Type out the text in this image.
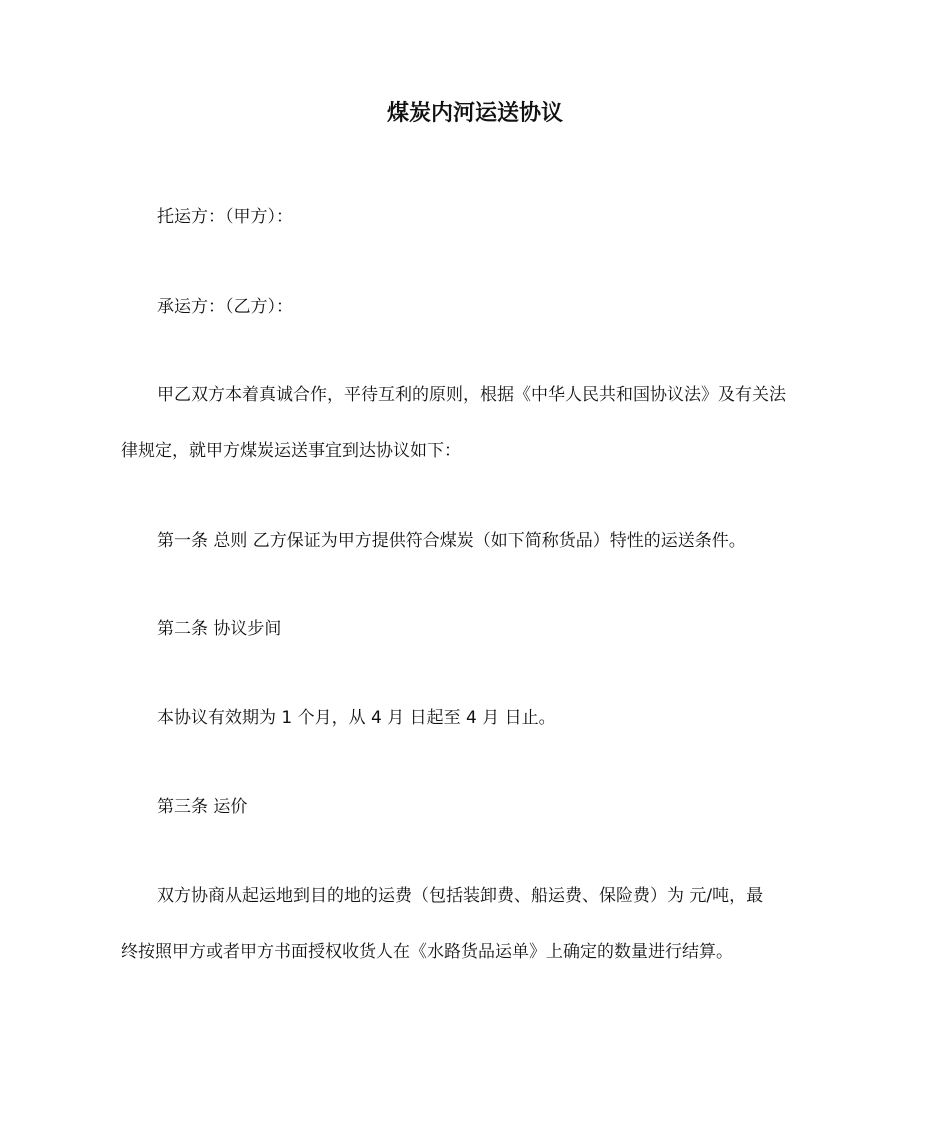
煤炭内河运送协议
托运方：（甲方）：
承运方：（乙方）：
甲乙双方本着真诚合作，平待互利的原则，根据《中华人民共和国协议法》及有关法
律规定，就甲方煤炭运送事宜到达协议如下：
第一条 总则 乙方保证为甲方提供符合煤炭（如下简称货品）特性的运送条件。
第二条 协议步间
本协议有效期为 1 个月，从 4 月 日起至 4 月 日止。
第三条 运价
双方协商从起运地到目的地的运费（包括装卸费、船运费、保险费）为 元/吨，最
终按照甲方或者甲方书面授权收货人在《水路货品运单》上确定的数量进行结算。
